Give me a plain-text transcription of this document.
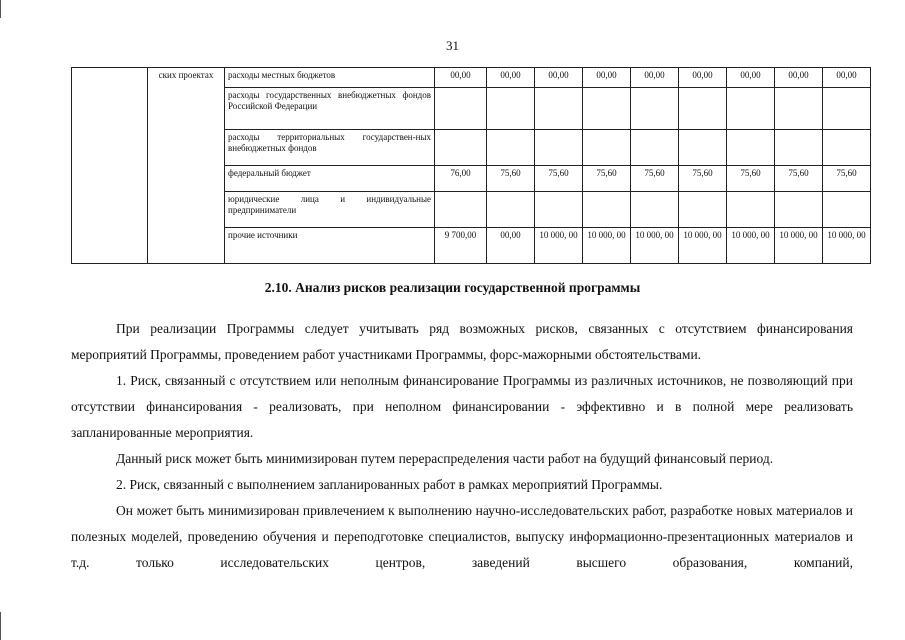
31
	ских проектах	расходы местных бюджетов	00,00	00,00	00,00	00,00	00,00	00,00	00,00	00,00	00,00
		расходы государственных внебюджетных фондов Российской Федерации									
		расходы территориальных государствен-ных внебюджетных фондов									
		федеральный бюджет	76,00	75,60	75,60	75,60	75,60	75,60	75,60	75,60	75,60
		юридические лица и индивидуальные предприниматели									
		прочие источники	9 700,00	00,00	10 000, 00	10 000, 00	10 000, 00	10 000, 00	10 000, 00	10 000, 00	10 000, 00
2.10. Анализ рисков реализации государственной программы

При реализации Программы следует учитывать ряд возможных рисков, связанных с отсутствием финансирования мероприятий Программы, проведением работ участниками Программы, форс-мажорными обстоятельствами.

1. Риск, связанный с отсутствием или неполным финансирование Программы из различных источников, не позволяющий при отсутствии финансирования - реализовать, при неполном финансировании - эффективно и в полной мере реализовать запланированные мероприятия.

Данный риск может быть минимизирован путем перераспределения части работ на будущий финансовый период.

2. Риск, связанный с выполнением запланированных работ в рамках мероприятий Программы.

Он может быть минимизирован привлечением к выполнению научно-исследовательских работ, разработке новых материалов и полезных моделей, проведению обучения и переподготовке специалистов, выпуску информационно-презентационных материалов и т.д. только исследовательских центров, заведений высшего образования, компаний,
